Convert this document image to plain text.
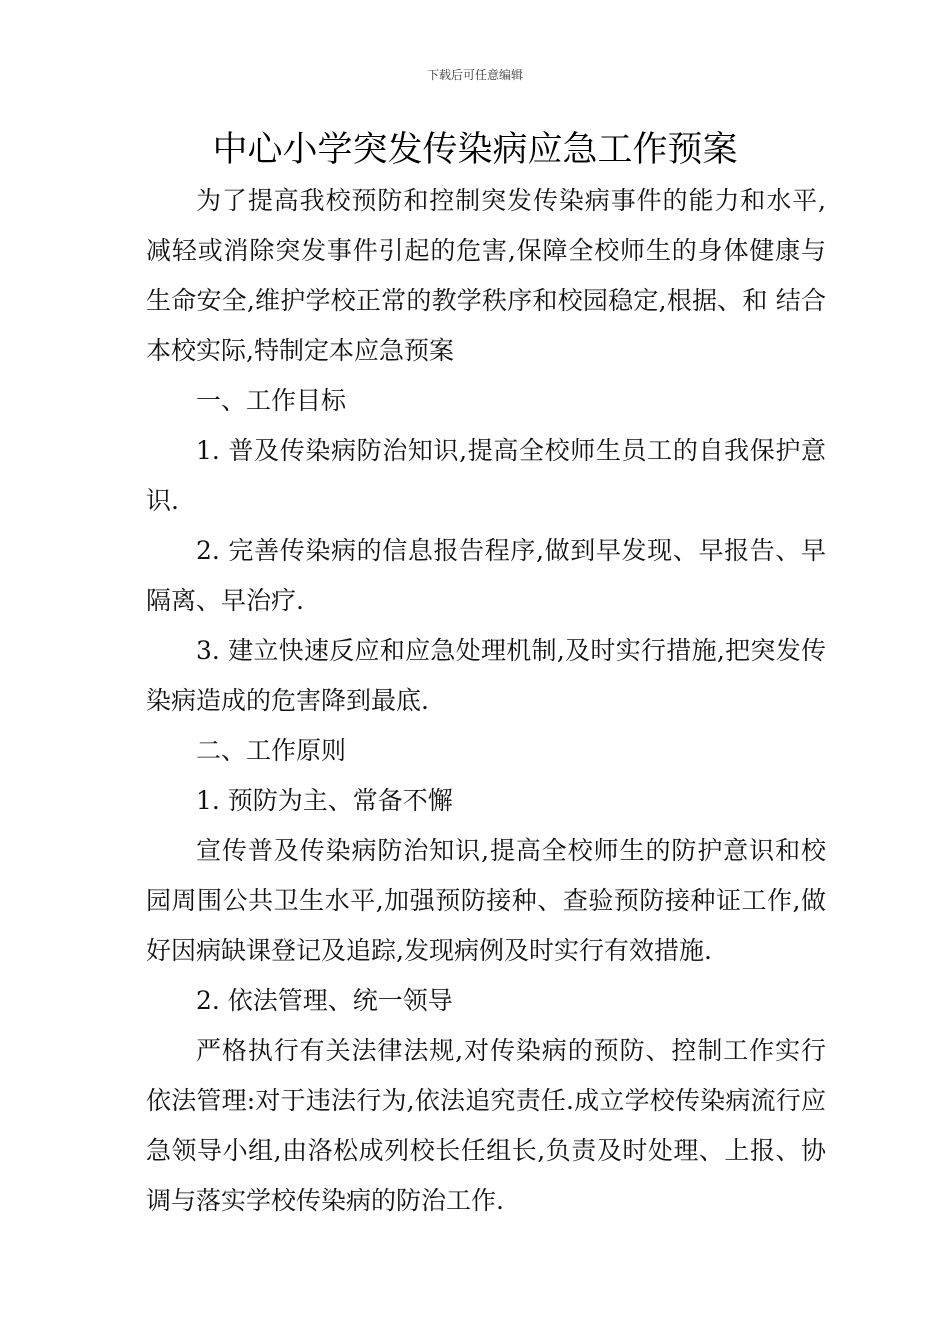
下载后可任意编辑
中心小学突发传染病应急工作预案

为了提高我校预防和控制突发传染病事件的能力和水平,减轻或消除突发事件引起的危害,保障全校师生的身体健康与生命安全,维护学校正常的教学秩序和校园稳定,根据、和 结合本校实际,特制定本应急预案

一、工作目标

1. 普及传染病防治知识,提高全校师生员工的自我保护意识.

2. 完善传染病的信息报告程序,做到早发现、早报告、早隔离、早治疗.

3. 建立快速反应和应急处理机制,及时实行措施,把突发传染病造成的危害降到最底.

二、工作原则

1. 预防为主、常备不懈

宣传普及传染病防治知识,提高全校师生的防护意识和校园周围公共卫生水平,加强预防接种、查验预防接种证工作,做好因病缺课登记及追踪,发现病例及时实行有效措施.

2. 依法管理、统一领导

严格执行有关法律法规,对传染病的预防、控制工作实行依法管理:对于违法行为,依法追究责任.成立学校传染病流行应急领导小组,由洛松成列校长任组长,负责及时处理、上报、协调与落实学校传染病的防治工作.
